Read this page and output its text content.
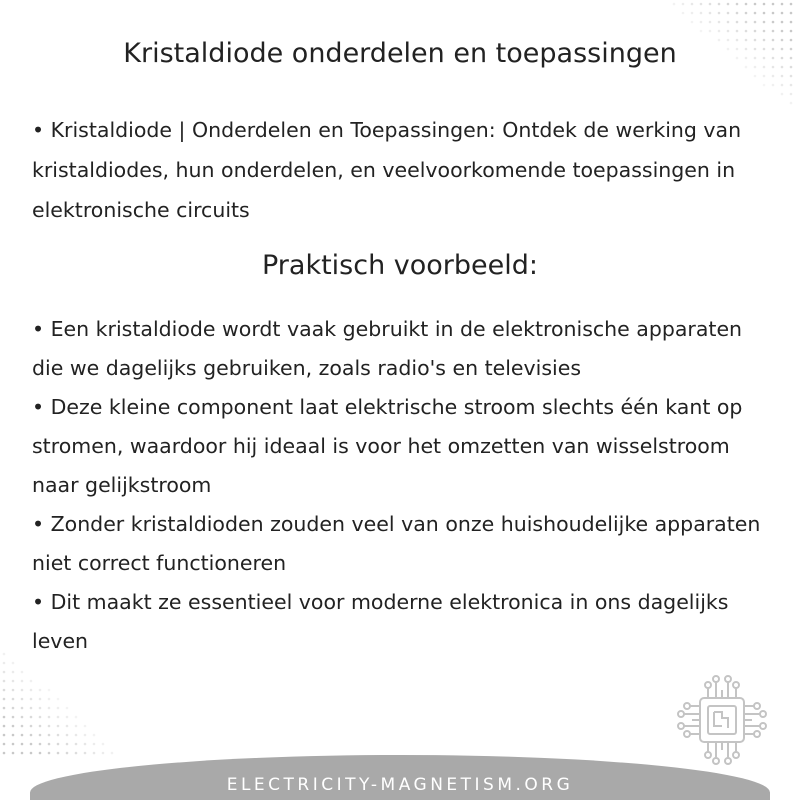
Kristaldiode onderdelen en toepassingen

• Kristaldiode | Onderdelen en Toepassingen: Ontdek de werking van kristaldiodes, hun onderdelen, en veelvoorkomende toepassingen in elektronische circuits

Praktisch voorbeeld:
• Een kristaldiode wordt vaak gebruikt in de elektronische apparaten die we dagelijks gebruiken, zoals radio's en televisies
• Deze kleine component laat elektrische stroom slechts één kant op stromen, waardoor hij ideaal is voor het omzetten van wisselstroom naar gelijkstroom
• Zonder kristaldioden zouden veel van onze huishoudelijke apparaten niet correct functioneren
• Dit maakt ze essentieel voor moderne elektronica in ons dagelijks leven
ELECTRICITY-MAGNETISM.ORG
